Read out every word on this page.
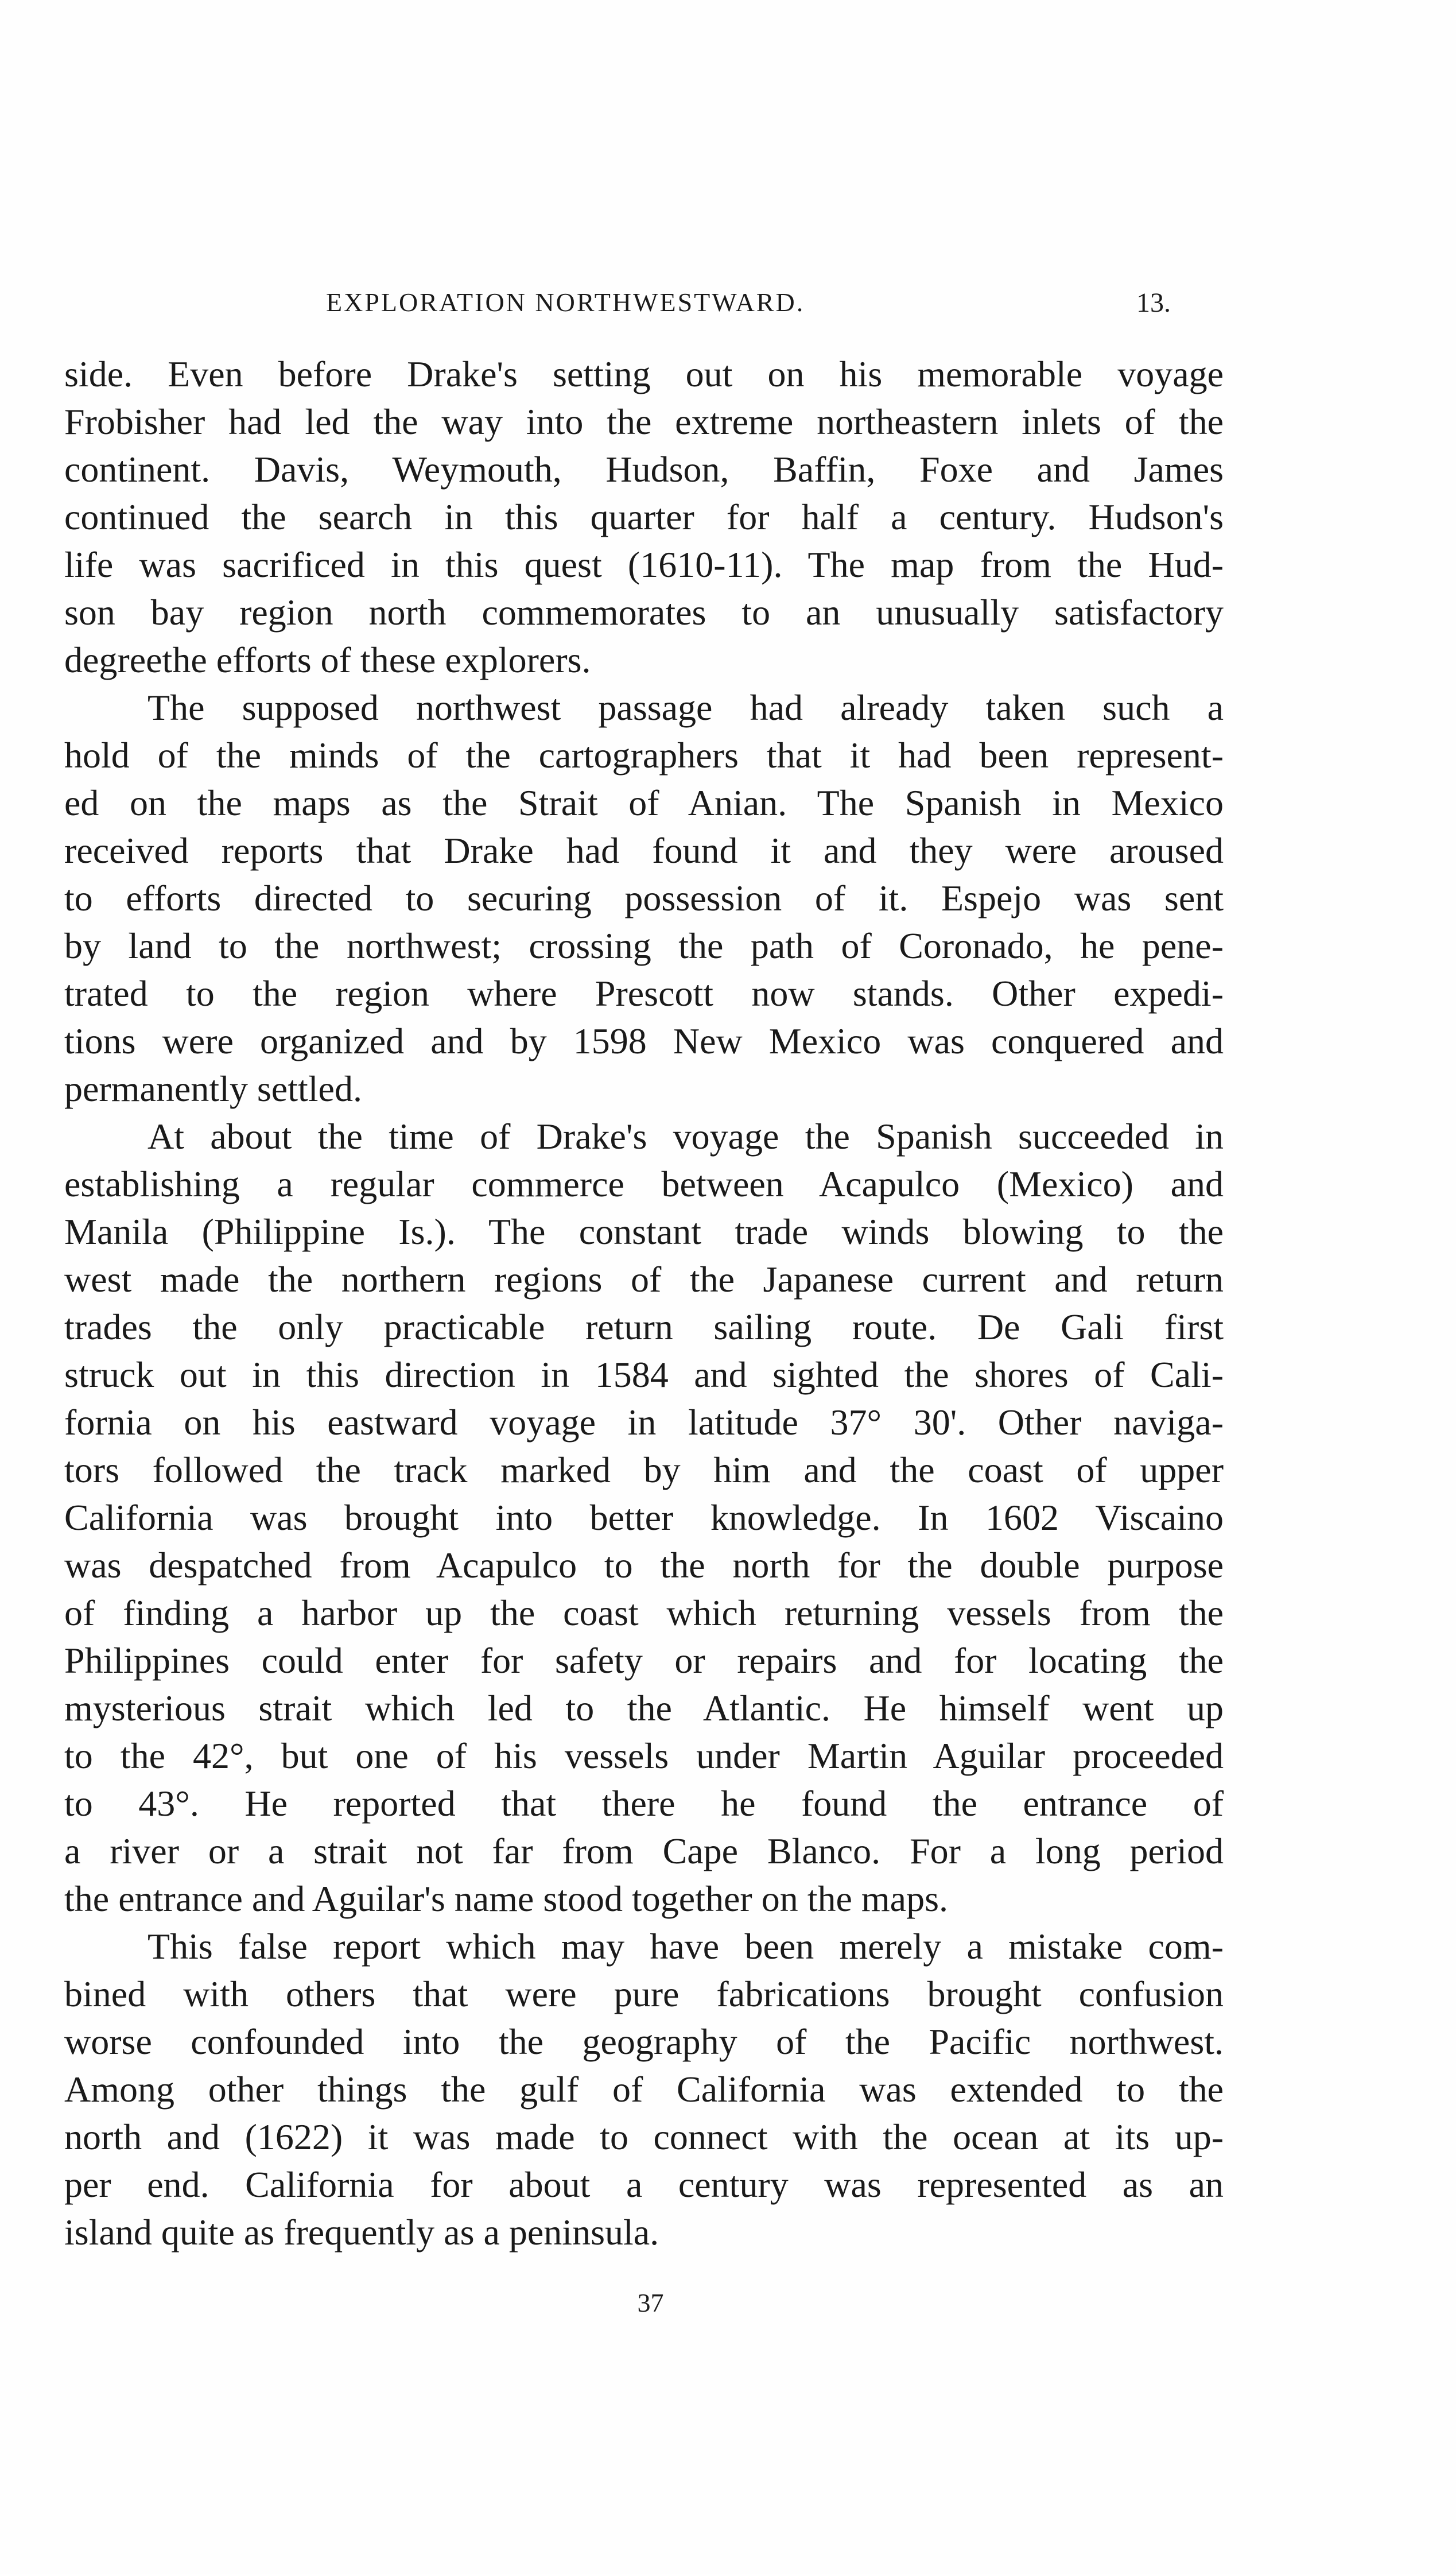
EXPLORATION NORTHWESTWARD.	13.
side. Even before Drake's setting out on his memorable voyage
Frobisher had led the way into the extreme northeastern inlets of the
continent. Davis, Weymouth, Hudson, Baffin, Foxe and James
continued the search in this quarter for half a century. Hudson's
life was sacrificed in this quest (1610-11). The map from the Hud-
son bay region north commemorates to an unusually satisfactory
degreethe efforts of these explorers.
The supposed northwest passage had already taken such a
hold of the minds of the cartographers that it had been represent-
ed on the maps as the Strait of Anian. The Spanish in Mexico
received reports that Drake had found it and they were aroused
to efforts directed to securing possession of it. Espejo was sent
by land to the northwest; crossing the path of Coronado, he pene-
trated to the region where Prescott now stands. Other expedi-
tions were organized and by 1598 New Mexico was conquered and
permanently settled.
At about the time of Drake's voyage the Spanish succeeded in
establishing a regular commerce between Acapulco (Mexico) and
Manila (Philippine Is.). The constant trade winds blowing to the
west made the northern regions of the Japanese current and return
trades the only practicable return sailing route. De Gali first
struck out in this direction in 1584 and sighted the shores of Cali-
fornia on his eastward voyage in latitude 37° 30'. Other naviga-
tors followed the track marked by him and the coast of upper
California was brought into better knowledge. In 1602 Viscaino
was despatched from Acapulco to the north for the double purpose
of finding a harbor up the coast which returning vessels from the
Philippines could enter for safety or repairs and for locating the
mysterious strait which led to the Atlantic. He himself went up
to the 42°, but one of his vessels under Martin Aguilar proceeded
to 43°. He reported that there he found the entrance of
a river or a strait not far from Cape Blanco. For a long period
the entrance and Aguilar's name stood together on the maps.
This false report which may have been merely a mistake com-
bined with others that were pure fabrications brought confusion
worse confounded into the geography of the Pacific northwest.
Among other things the gulf of California was extended to the
north and (1622) it was made to connect with the ocean at its up-
per end. California for about a century was represented as an
island quite as frequently as a peninsula.
37
